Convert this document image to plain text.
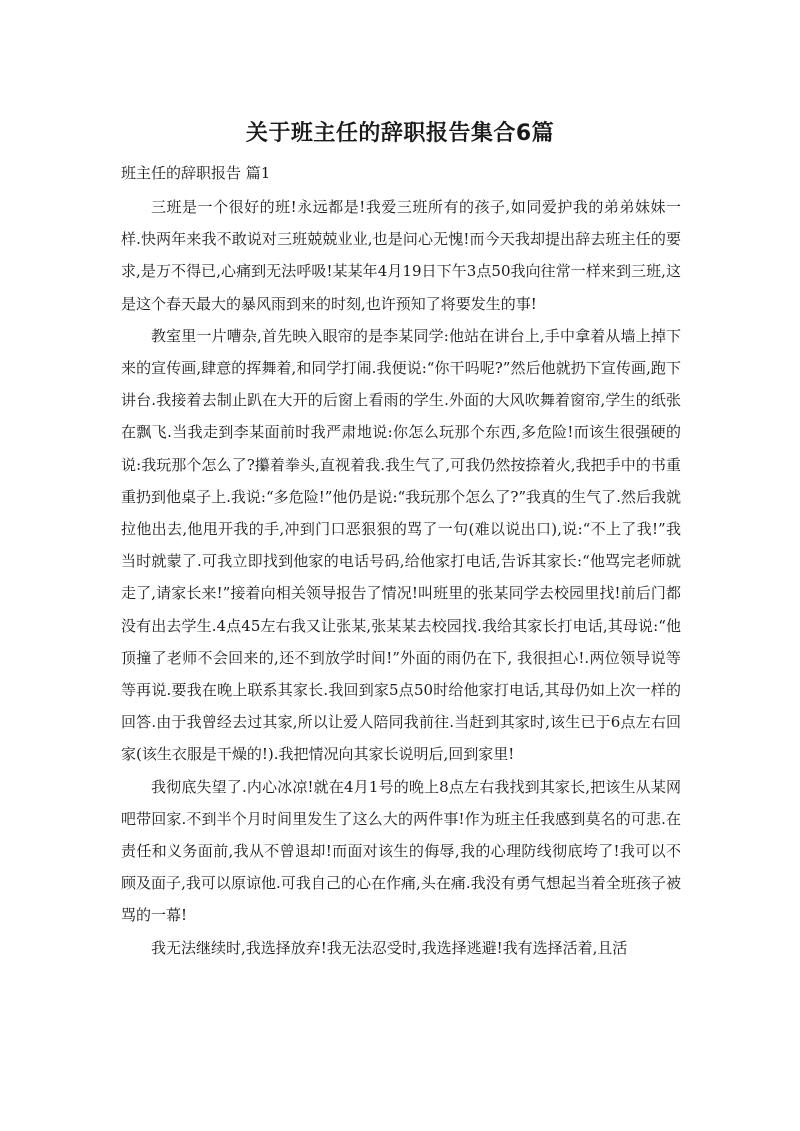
关于班主任的辞职报告集合6篇
班主任的辞职报告 篇1

三班是一个很好的班!永远都是!我爱三班所有的孩子,如同爱护我的弟弟妹妹一样.快两年来我不敢说对三班兢兢业业,也是问心无愧!而今天我却提出辞去班主任的要求,是万不得已,心痛到无法呼吸!某某年4月19日下午3点50我向往常一样来到三班,这是这个春天最大的暴风雨到来的时刻,也许预知了将要发生的事!

教室里一片嘈杂,首先映入眼帘的是李某同学:他站在讲台上,手中拿着从墙上掉下来的宣传画,肆意的挥舞着,和同学打闹.我便说:“你干吗呢?”然后他就扔下宣传画,跑下讲台.我接着去制止趴在大开的后窗上看雨的学生.外面的大风吹舞着窗帘,学生的纸张在飘飞.当我走到李某面前时我严肃地说:你怎么玩那个东西,多危险!而该生很强硬的说:我玩那个怎么了?攥着拳头,直视着我.我生气了,可我仍然按捺着火,我把手中的书重重扔到他桌子上.我说:“多危险!”他仍是说:“我玩那个怎么了?”我真的生气了.然后我就拉他出去,他甩开我的手,冲到门口恶狠狠的骂了一句(难以说出口),说:“不上了我!”我当时就蒙了.可我立即找到他家的电话号码,给他家打电话,告诉其家长:“他骂完老师就走了,请家长来!”接着向相关领导报告了情况!叫班里的张某同学去校园里找!前后门都没有出去学生.4点45左右我又让张某,张某某去校园找.我给其家长打电话,其母说:“他顶撞了老师不会回来的,还不到放学时间!”外面的雨仍在下, 我很担心!.两位领导说等等再说.要我在晚上联系其家长.我回到家5点50时给他家打电话,其母仍如上次一样的回答.由于我曾经去过其家,所以让爱人陪同我前往.当赶到其家时,该生已于6点左右回家(该生衣服是干燥的!).我把情况向其家长说明后,回到家里!

我彻底失望了.内心冰凉!就在4月1号的晚上8点左右我找到其家长,把该生从某网吧带回家.不到半个月时间里发生了这么大的两件事!作为班主任我感到莫名的可悲.在责任和义务面前,我从不曾退却!而面对该生的侮辱,我的心理防线彻底垮了!我可以不顾及面子,我可以原谅他.可我自己的心在作痛,头在痛.我没有勇气想起当着全班孩子被骂的一幕!

我无法继续时,我选择放弃!我无法忍受时,我选择逃避!我有选择活着,且活
